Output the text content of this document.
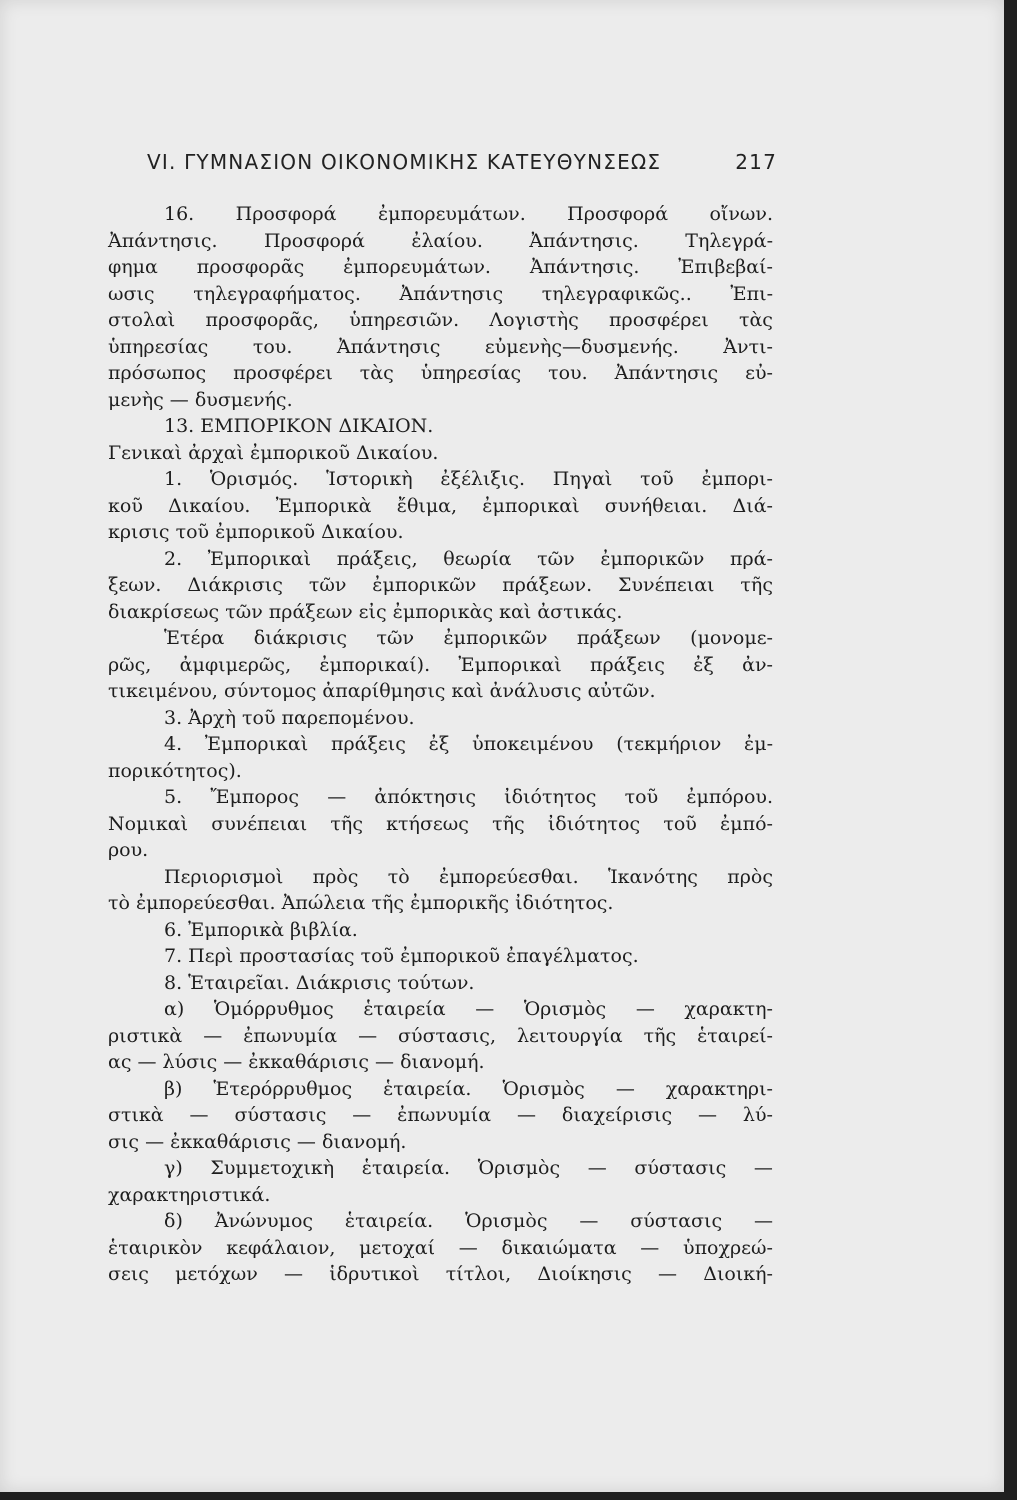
VI. ΓΥΜΝΑΣΙΟΝ ΟΙΚΟΝΟΜΙΚΗΣ ΚΑΤΕΥΘΥΝΣΕΩΣ	217
16. Προσφορά ἐμπορευμάτων. Προσφορά οἴνων.
Ἀπάντησις. Προσφορά ἐλαίου. Ἀπάντησις. Τηλεγρά-
φημα προσφορᾶς ἐμπορευμάτων. Ἀπάντησις. Ἐπιβεβαί-
ωσις τηλεγραφήματος. Ἀπάντησις τηλεγραφικῶς.. Ἐπι-
στολαὶ προσφορᾶς, ὑπηρεσιῶν. Λογιστὴς προσφέρει τὰς
ὑπηρεσίας του. Ἀπάντησις εὐμενὴς—δυσμενής. Ἀντι-
πρόσωπος προσφέρει τὰς ὑπηρεσίας του. Ἀπάντησις εὐ-
μενὴς — δυσμενής.
13. ΕΜΠΟΡΙΚΟΝ ΔΙΚΑΙΟΝ.
Γενικαὶ ἀρχαὶ ἐμπορικοῦ Δικαίου.
1. Ὁρισμός. Ἱστορικὴ ἐξέλιξις. Πηγαὶ τοῦ ἐμπορι-
κοῦ Δικαίου. Ἐμπορικὰ ἔθιμα, ἐμπορικαὶ συνήθειαι. Διά-
κρισις τοῦ ἐμπορικοῦ Δικαίου.
2. Ἐμπορικαὶ πράξεις, θεωρία τῶν ἐμπορικῶν πρά-
ξεων. Διάκρισις τῶν ἐμπορικῶν πράξεων. Συνέπειαι τῆς
διακρίσεως τῶν πράξεων εἰς ἐμπορικὰς καὶ ἀστικάς.
Ἑτέρα διάκρισις τῶν ἐμπορικῶν πράξεων (μονομε-
ρῶς, ἀμφιμερῶς, ἐμπορικαί). Ἐμπορικαὶ πράξεις ἐξ ἀν-
τικειμένου, σύντομος ἀπαρίθμησις καὶ ἀνάλυσις αὐτῶν.
3. Ἀρχὴ τοῦ παρεπομένου.
4. Ἐμπορικαὶ πράξεις ἐξ ὑποκειμένου (τεκμήριον ἐμ-
πορικότητος).
5. Ἔμπορος — ἀπόκτησις ἰδιότητος τοῦ ἐμπόρου.
Νομικαὶ συνέπειαι τῆς κτήσεως τῆς ἰδιότητος τοῦ ἐμπό-
ρου.
Περιορισμοὶ πρὸς τὸ ἐμπορεύεσθαι. Ἱκανότης πρὸς
τὸ ἐμπορεύεσθαι. Ἀπώλεια τῆς ἐμπορικῆς ἰδιότητος.
6. Ἐμπορικὰ βιβλία.
7. Περὶ προστασίας τοῦ ἐμπορικοῦ ἐπαγέλματος.
8. Ἑταιρεῖαι. Διάκρισις τούτων.
α) Ὁμόρρυθμος ἑταιρεία — Ὁρισμὸς — χαρακτη-
ριστικὰ — ἐπωνυμία — σύστασις, λειτουργία τῆς ἑταιρεί-
ας — λύσις — ἐκκαθάρισις — διανομή.
β) Ἑτερόρρυθμος ἑταιρεία. Ὁρισμὸς — χαρακτηρι-
στικὰ — σύστασις — ἐπωνυμία — διαχείρισις — λύ-
σις — ἐκκαθάρισις — διανομή.
γ) Συμμετοχικὴ ἑταιρεία. Ὁρισμὸς — σύστασις —
χαρακτηριστικά.
δ) Ἀνώνυμος ἑταιρεία. Ὁρισμὸς — σύστασις —
ἑταιρικὸν κεφάλαιον, μετοχαί — δικαιώματα — ὑποχρεώ-
σεις μετόχων — ἱδρυτικοὶ τίτλοι, Διοίκησις — Διοική-
